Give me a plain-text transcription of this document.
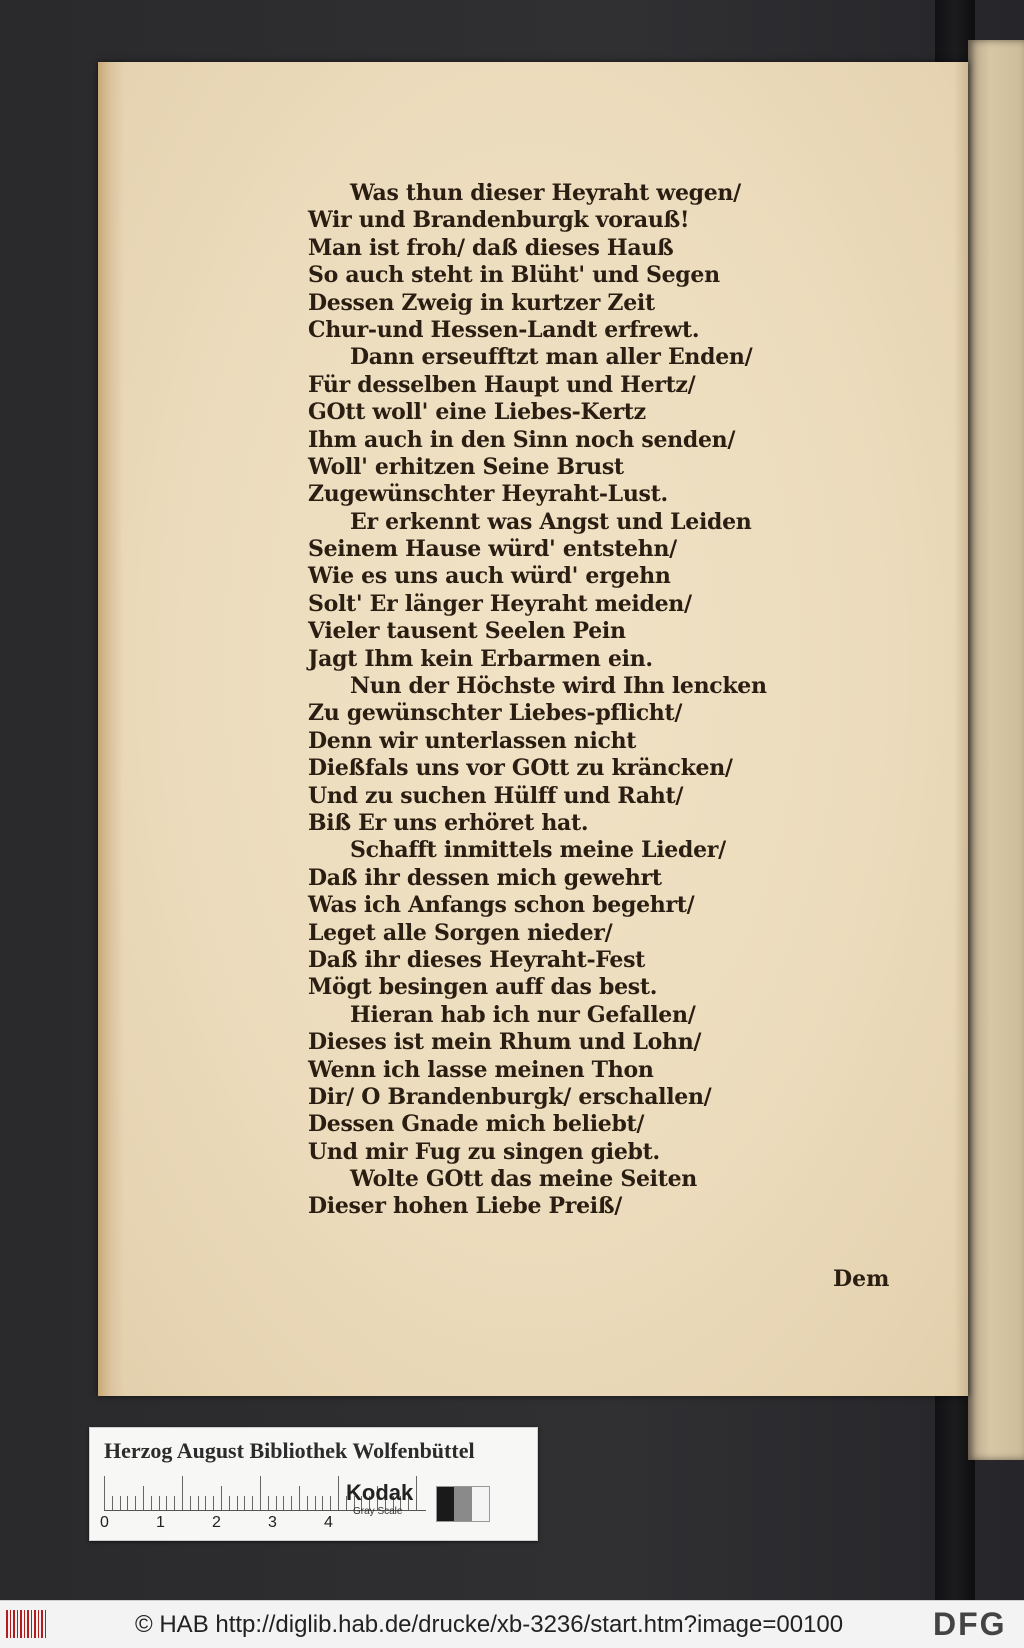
Was thun dieser Heyraht wegen/
Wir und Brandenburgk vorauß!
Man ist froh/ daß dieses Hauß
So auch steht in Blüht' und Segen
Dessen Zweig in kurtzer Zeit
Chur-und Hessen-Landt erfrewt.
Dann erseufftzt man aller Enden/
Für desselben Haupt und Hertz/
GOtt woll' eine Liebes-Kertz
Ihm auch in den Sinn noch senden/
Woll' erhitzen Seine Brust
Zugewünschter Heyraht-Lust.
Er erkennt was Angst und Leiden
Seinem Hause würd' entstehn/
Wie es uns auch würd' ergehn
Solt' Er länger Heyraht meiden/
Vieler tausent Seelen Pein
Jagt Ihm kein Erbarmen ein.
Nun der Höchste wird Ihn lencken
Zu gewünschter Liebes-pflicht/
Denn wir unterlassen nicht
Dießfals uns vor GOtt zu kräncken/
Und zu suchen Hülff und Raht/
Biß Er uns erhöret hat.
Schafft inmittels meine Lieder/
Daß ihr dessen mich gewehrt
Was ich Anfangs schon begehrt/
Leget alle Sorgen nieder/
Daß ihr dieses Heyraht-Fest
Mögt besingen auff das best.
Hieran hab ich nur Gefallen/
Dieses ist mein Rhum und Lohn/
Wenn ich lasse meinen Thon
Dir/ O Brandenburgk/ erschallen/
Dessen Gnade mich beliebt/
Und mir Fug zu singen giebt.
Wolte GOtt das meine Seiten
Dieser hohen Liebe Preiß/
Dem
Herzog August Bibliothek Wolfenbüttel
0	1	2	3	4
Kodak
Gray Scale
© HAB http://diglib.hab.de/drucke/xb-3236/start.htm?image=00100	DFG
